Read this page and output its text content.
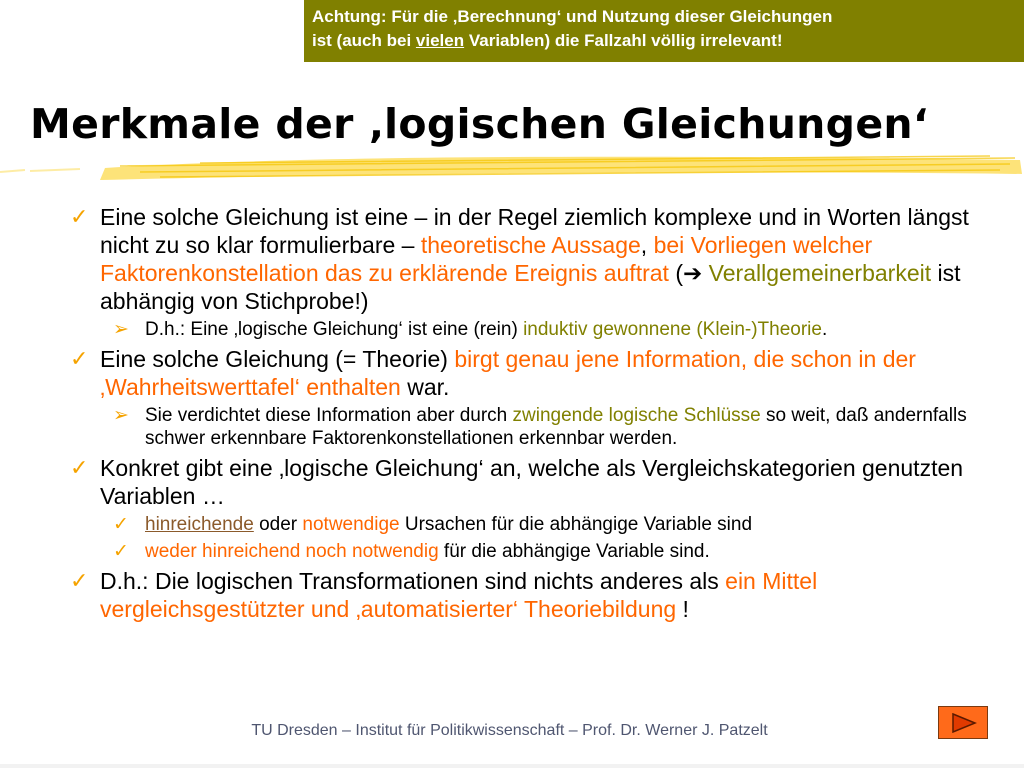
Achtung: Für die ‚Berechnung‘ und Nutzung dieser Gleichungen
ist (auch bei vielen Variablen) die Fallzahl völlig irrelevant!
Merkmale der ‚logischen Gleichungen‘
✓ Eine solche Gleichung ist eine – in der Regel ziemlich komplexe und in Worten längst nicht zu so klar formulierbare – theoretische Aussage, bei Vorliegen welcher Faktorenkonstellation das zu erklärende Ereignis auftrat (➔ Verallgemeinerbarkeit ist abhängig von Stichprobe!)
➢ D.h.: Eine ‚logische Gleichung‘ ist eine (rein) induktiv gewonnene (Klein-)Theorie.
✓ Eine solche Gleichung (= Theorie) birgt genau jene Information, die schon in der ‚Wahrheitswerttafel‘ enthalten war.
➢ Sie verdichtet diese Information aber durch zwingende logische Schlüsse so weit, daß andernfalls schwer erkennbare Faktorenkonstellationen erkennbar werden.
✓ Konkret gibt eine ‚logische Gleichung‘ an, welche als Vergleichskategorien genutzten Variablen …
✓ hinreichende oder notwendige Ursachen für die abhängige Variable sind
✓ weder hinreichend noch notwendig für die abhängige Variable sind.
✓ D.h.: Die logischen Transformationen sind nichts anderes als ein Mittel vergleichsgestützter und ‚automatisierter‘ Theoriebildung !
TU Dresden – Institut für Politikwissenschaft – Prof. Dr. Werner J. Patzelt
